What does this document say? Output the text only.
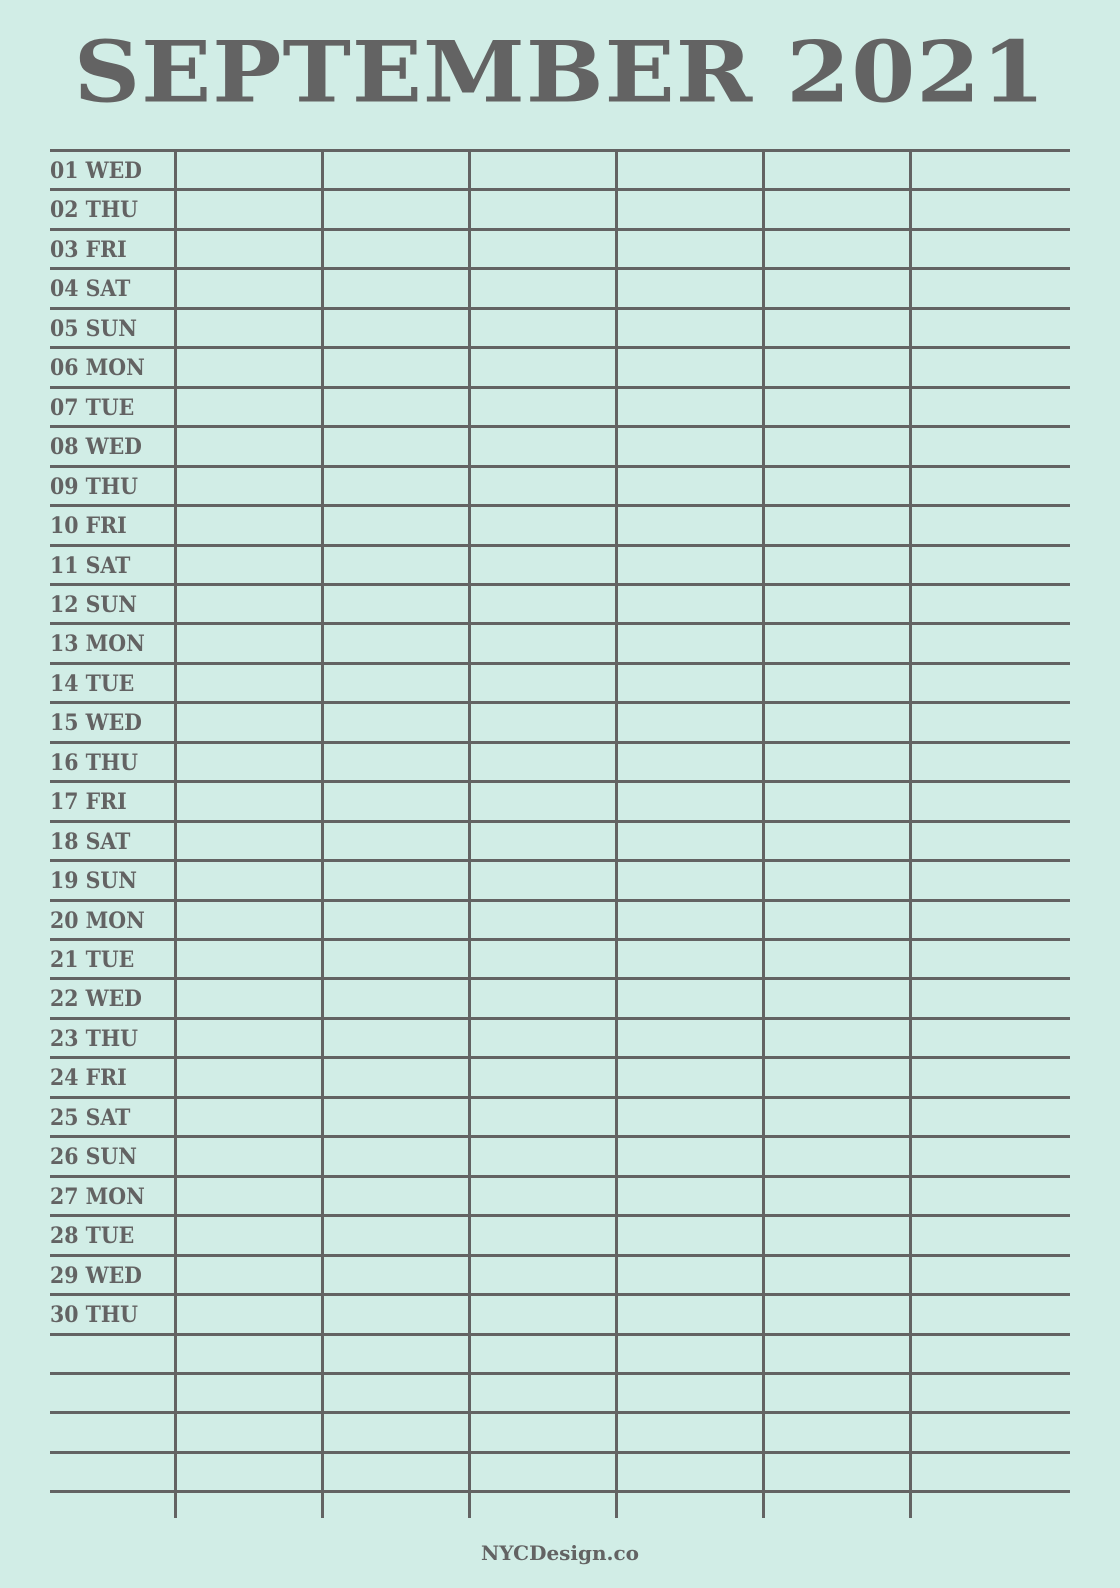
SEPTEMBER 2021
01 WED
02 THU
03 FRI
04 SAT
05 SUN
06 MON
07 TUE
08 WED
09 THU
10 FRI
11 SAT
12 SUN
13 MON
14 TUE
15 WED
16 THU
17 FRI
18 SAT
19 SUN
20 MON
21 TUE
22 WED
23 THU
24 FRI
25 SAT
26 SUN
27 MON
28 TUE
29 WED
30 THU
NYCDesign.co
